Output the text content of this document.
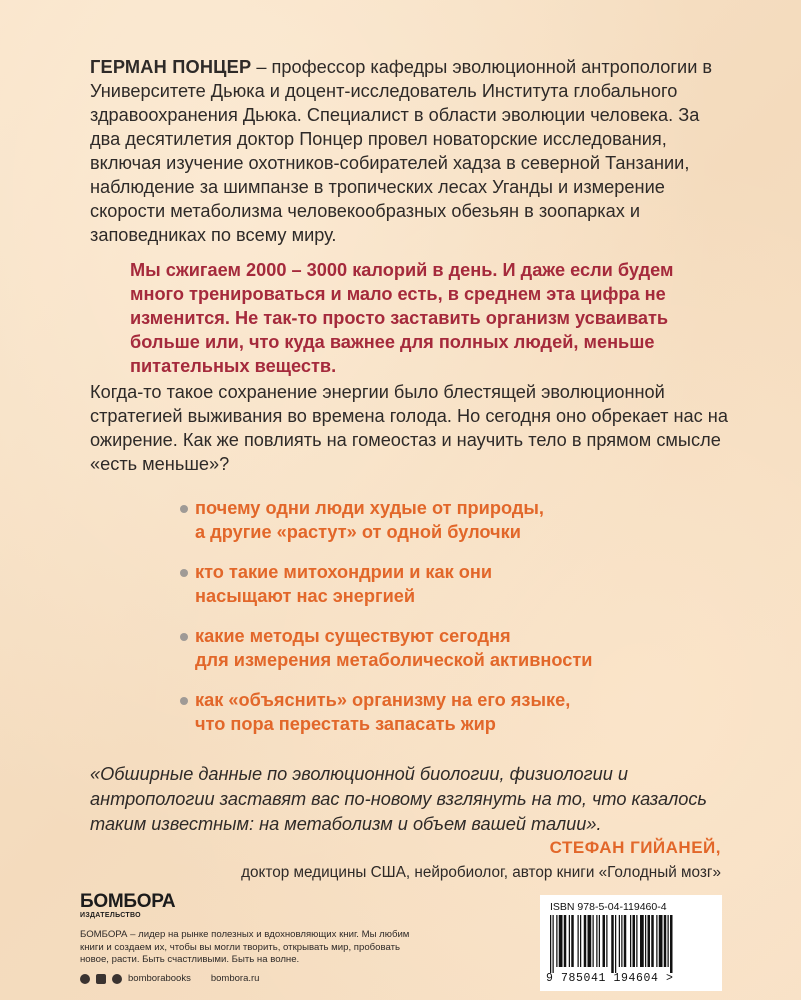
ГЕРМАН ПОНЦЕР – профессор кафедры эволюционной антропологии в Университете Дьюка и доцент-исследователь Института глобального здравоохранения Дьюка. Специалист в области эволюции человека. За два десятилетия доктор Понцер провел новаторские исследования, включая изучение охотников-собирателей хадза в северной Танзании, наблюдение за шимпанзе в тропических лесах Уганды и измерение скорости метаболизма человекообразных обезьян в зоопарках и заповедниках по всему миру.
Мы сжигаем 2000 – 3000 калорий в день. И даже если будем много тренироваться и мало есть, в среднем эта цифра не изменится. Не так-то просто заставить организм усваивать больше или, что куда важнее для полных людей, меньше питательных веществ.
Когда-то такое сохранение энергии было блестящей эволюционной стратегией выживания во времена голода. Но сегодня оно обрекает нас на ожирение. Как же повлиять на гомеостаз и научить тело в прямом смысле «есть меньше»?
почему одни люди худые от природы,
а другие «растут» от одной булочки
кто такие митохондрии и как они
насыщают нас энергией
какие методы существуют сегодня
для измерения метаболической активности
как «объяснить» организму на его языке,
что пора перестать запасать жир
«Обширные данные по эволюционной биологии, физиологии и антропологии заставят вас по-новому взглянуть на то, что казалось таким известным: на метаболизм и объем вашей талии».
СТЕФАН ГИЙАНЕЙ,
доктор медицины США, нейробиолог, автор книги «Голодный мозг»
БОМБОРА
ИЗДАТЕЛЬСТВО
БОМБОРА – лидер на рынке полезных и вдохновляющих книг. Мы любим книги и создаем их, чтобы вы могли творить, открывать мир, пробовать новое, расти. Быть счастливыми. Быть на волне.
bomborabooks bombora.ru
ISBN 978-5-04-119460-4
9 785041 194604 >
